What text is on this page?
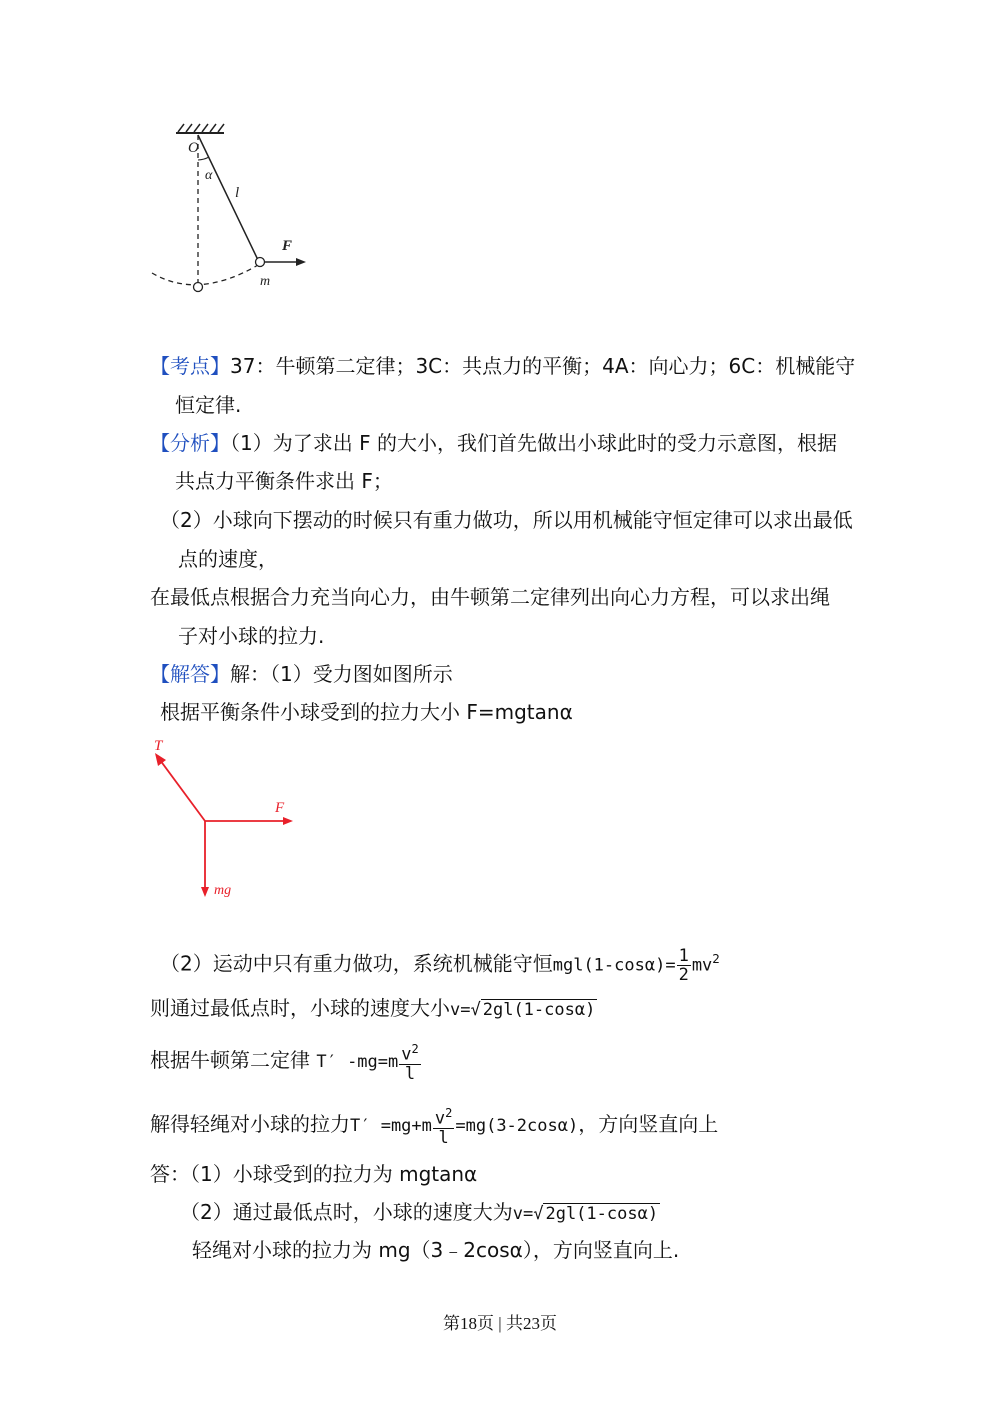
O
α
l
F
m
【考点】37：牛顿第二定律；3C：共点力的平衡；4A：向心力；6C：机械能守
恒定律.
【分析】（1）为了求出 F 的大小，我们首先做出小球此时的受力示意图，根据
共点力平衡条件求出 F；
（2）小球向下摆动的时候只有重力做功，所以用机械能守恒定律可以求出最低
点的速度，
在最低点根据合力充当向心力，由牛顿第二定律列出向心力方程，可以求出绳
子对小球的拉力.
【解答】解：（1）受力图如图所示
根据平衡条件小球受到的拉力大小 F=mgtanα
T
F
mg
（2）运动中只有重力做功，系统机械能守恒$mgl(1-\cos\alpha)= \frac{1}{2} mv^2$
则通过最低点时，小球的速度大小v=√ 2gl(1-cosα)
根据牛顿第二定律 T′ $-mg=m \frac{v^2}{l}$
解得轻绳对小球的拉力$T' =mg+m \frac{v^2}{l} =mg(3-2\cos\alpha)$，方向竖直向上
答：（1）小球受到的拉力为 mgtanα
（2）通过最低点时，小球的速度大为v=√ 2gl(1-cosα)
轻绳对小球的拉力为 mg（3﹣2cosα），方向竖直向上.
第18页 | 共23页
